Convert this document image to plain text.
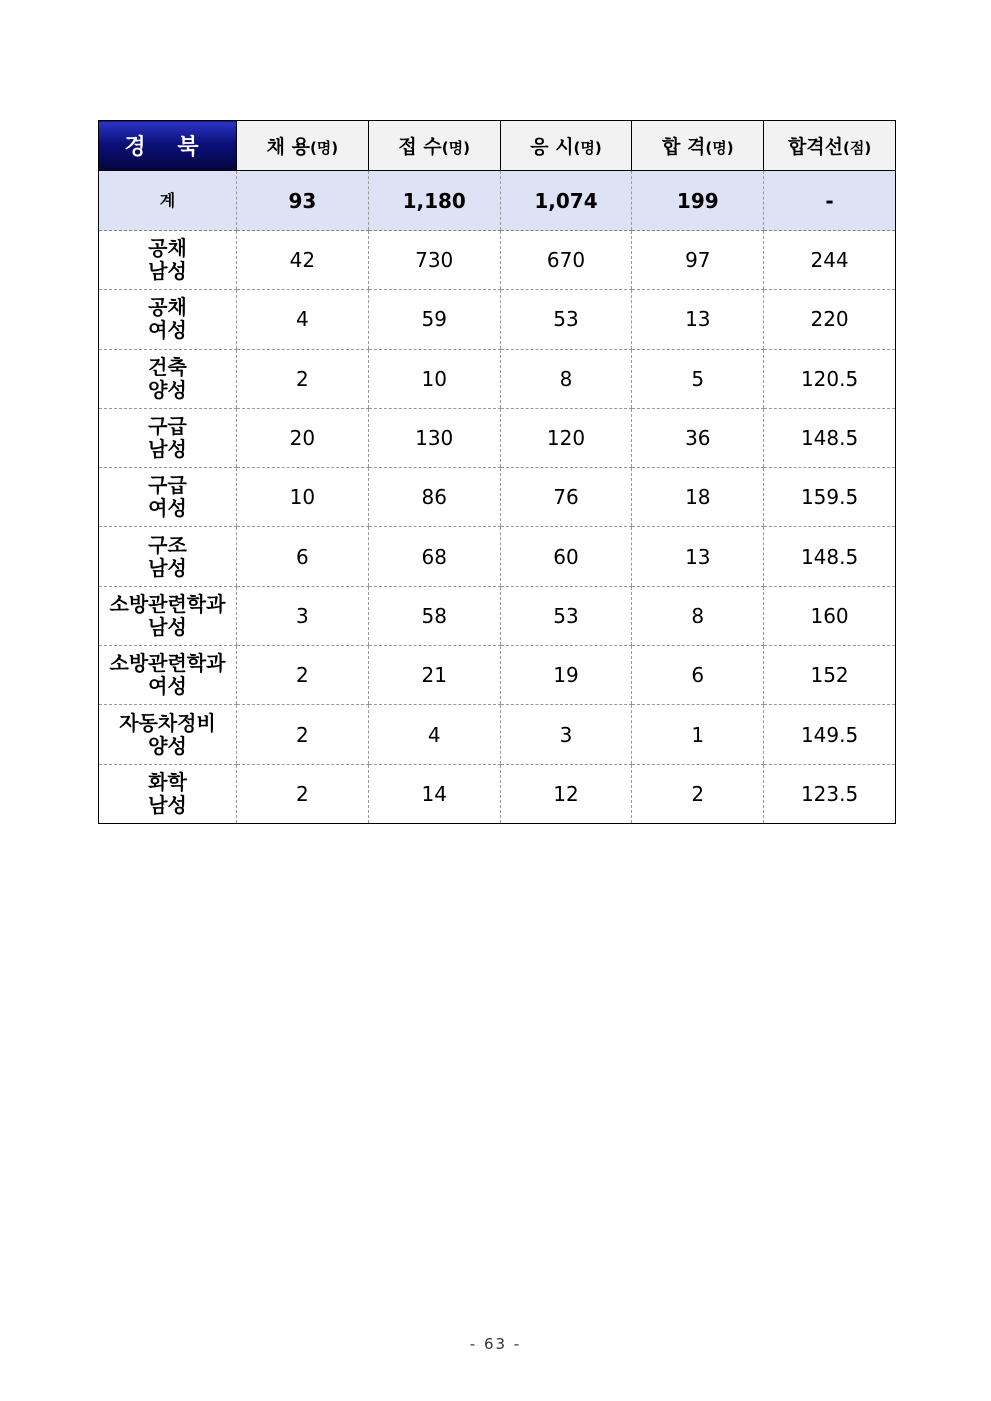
경 북	채 용(명)	접 수(명)	응 시(명)	합 격(명)	합격선(점)
계	93	1,180	1,074	199	-

공채
남성	42	730	670	97	244

공채
여성	4	59	53	13	220

건축
양성	2	10	8	5	120.5

구급
남성	20	130	120	36	148.5

구급
여성	10	86	76	18	159.5

구조
남성	6	68	60	13	148.5

소방관련학과
남성	3	58	53	8	160

소방관련학과
여성	2	21	19	6	152

자동차정비
양성	2	4	3	1	149.5

화학
남성	2	14	12	2	123.5
- 63 -
